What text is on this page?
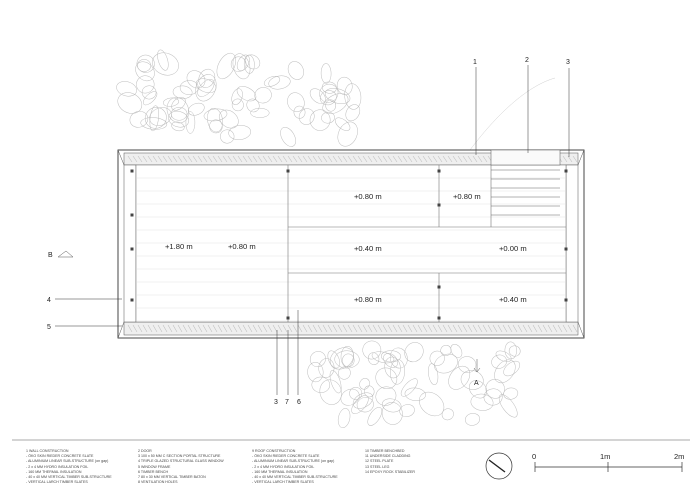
+1.80 m	+0.80 m
+0.80 m	+0.80 m
+0.40 m	+0.00 m
+0.80 m	+0.40 m
1	2	3
4
5
3 7 6
B
A
0	1m	2m
1 WALL CONSTRUCTION
- ÖKO SKIN RIEDER CONCRETE SLATE
- ALUMINIUM LINEAR SUB-STRUCTURE (on gap)
- 2 x 4 MM HYDRO INSULATION FOIL
- 160 MM THERMAL INSULATION
- 40 x 40 MM VERTICAL TIMBER SUB-STRUCTURE
- VERTICAL LARCH TIMBER SLATES
2 DOOR
3 100 x 50 MM C SECTION PORTAL STRUCTURE
4 TRIPLE GLAZED STRUCTURAL GLASS WINDOW
5 WINDOW FRAME
6 TIMBER BENCH
7 80 x 30 MM VERTICAL TIMBER BATON
8 VENTILATION HOLES
9 ROOF CONSTRUCTION
- ÖKO SKIN RIEDER CONCRETE SLATE
- ALUMINIUM LINEAR SUB-STRUCTURE (on gap)
- 2 x 4 MM HYDRO INSULATION FOIL
- 160 MM THERMAL INSULATION
- 40 x 40 MM VERTICAL TIMBER SUB-STRUCTURE
- VERTICAL LARCH TIMBER SLATES
10 TIMBER BENCHBED
11 UNDERSIDE CLADDING
12 STEEL PLATE
13 STEEL LEG
14 EPOXY ROCK STABILIZER
